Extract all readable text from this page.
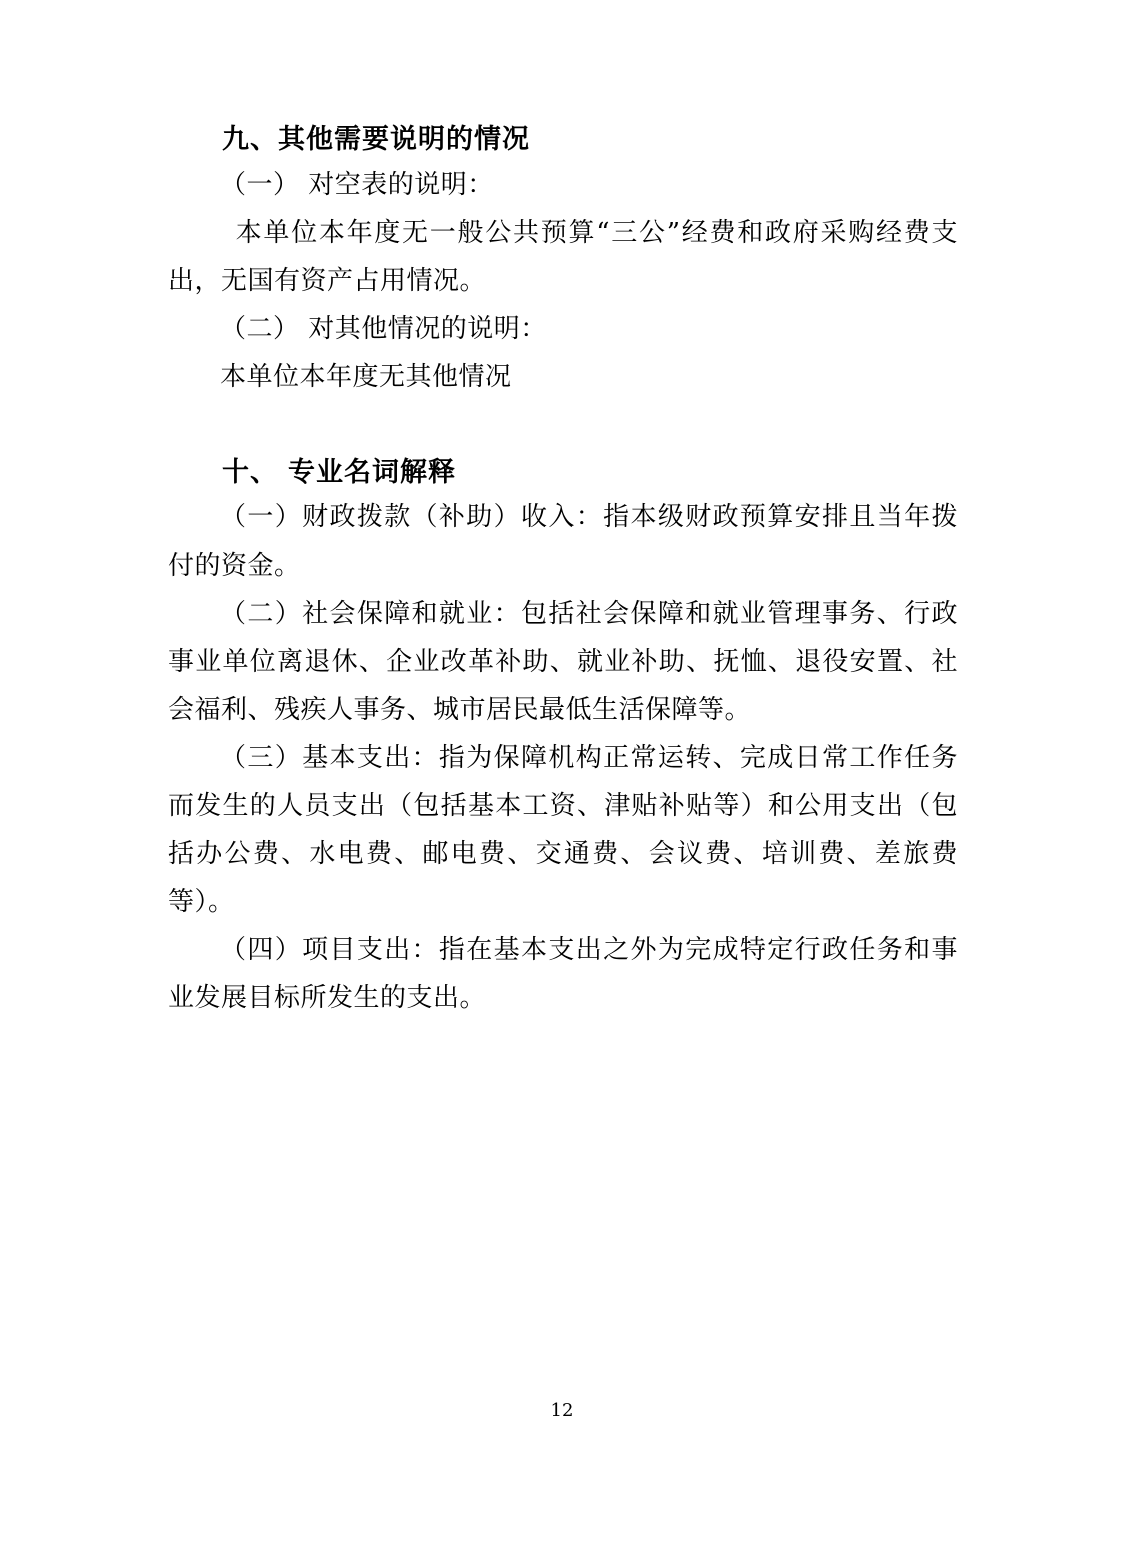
九、其他需要说明的情况

（一） 对空表的说明：

本单位本年度无一般公共预算“三公”经费和政府采购经费支出，无国有资产占用情况。

（二） 对其他情况的说明：

本单位本年度无其他情况

十、 专业名词解释

（一）财政拨款（补助）收入：指本级财政预算安排且当年拨付的资金。

（二）社会保障和就业：包括社会保障和就业管理事务、行政事业单位离退休、企业改革补助、就业补助、抚恤、退役安置、社会福利、残疾人事务、城市居民最低生活保障等。

（三）基本支出：指为保障机构正常运转、完成日常工作任务而发生的人员支出（包括基本工资、津贴补贴等）和公用支出（包括办公费、水电费、邮电费、交通费、会议费、培训费、差旅费等）。

（四）项目支出：指在基本支出之外为完成特定行政任务和事业发展目标所发生的支出。

12
